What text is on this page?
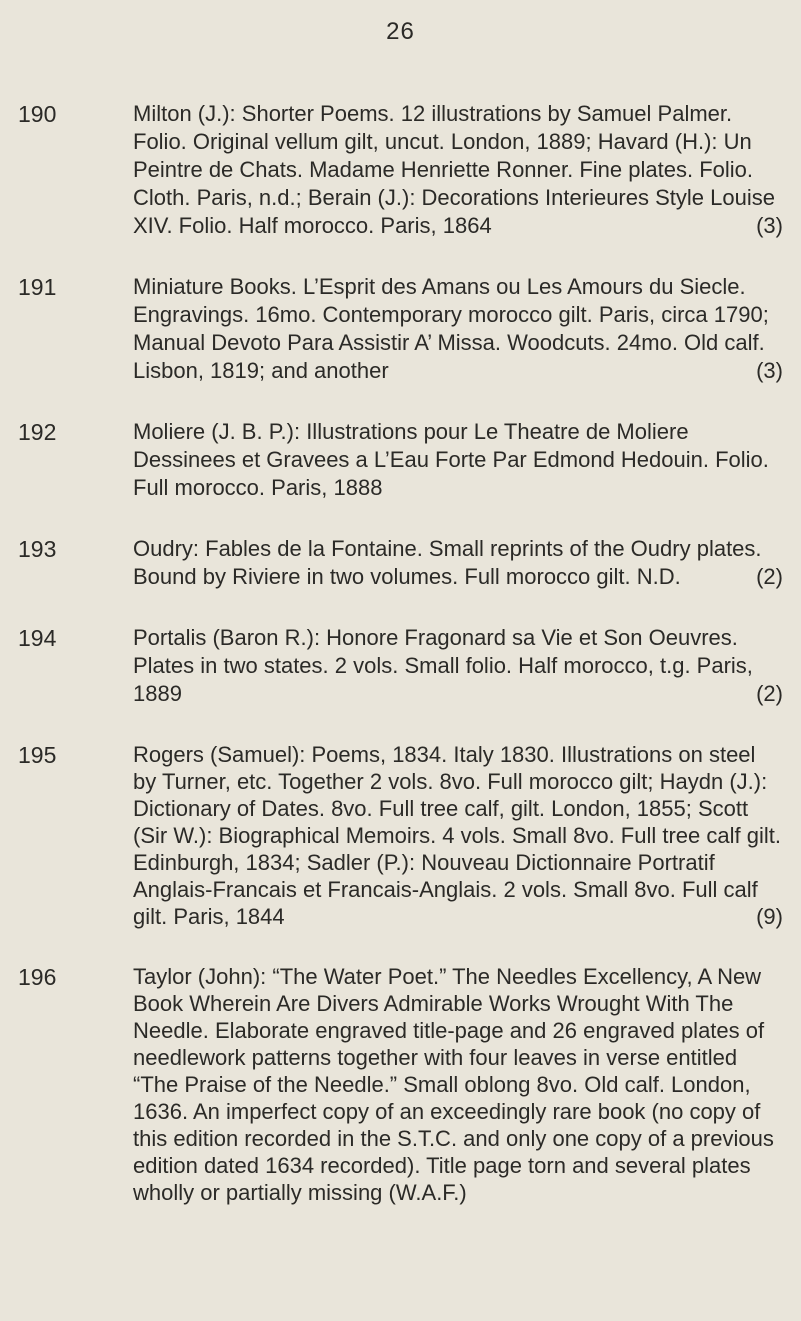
26
190	Milton (J.): Shorter Poems. 12 illustrations by Samuel Palmer. Folio. Original vellum gilt, uncut. London, 1889; Havard (H.): Un Peintre de Chats. Madame Henriette Ronner. Fine plates. Folio. Cloth. Paris, n.d.; Berain (J.): Decorations Interieures Style Louise XIV. Folio. Half morocco. Paris, 1864	(3)
191	Miniature Books. L’Esprit des Amans ou Les Amours du Siecle. Engravings. 16mo. Contemporary morocco gilt. Paris, circa 1790; Manual Devoto Para Assistir A’ Missa. Woodcuts. 24mo. Old calf. Lisbon, 1819; and another	(3)
192	Moliere (J. B. P.): Illustrations pour Le Theatre de Moliere Dessinees et Gravees a L’Eau Forte Par Edmond Hedouin. Folio. Full morocco. Paris, 1888
193	Oudry: Fables de la Fontaine. Small reprints of the Oudry plates. Bound by Riviere in two volumes. Full morocco gilt. N.D.	(2)
194	Portalis (Baron R.): Honore Fragonard sa Vie et Son Oeuvres. Plates in two states. 2 vols. Small folio. Half morocco, t.g. Paris, 1889	(2)
195	Rogers (Samuel): Poems, 1834. Italy 1830. Illustrations on steel by Turner, etc. Together 2 vols. 8vo. Full morocco gilt; Haydn (J.): Dictionary of Dates. 8vo. Full tree calf, gilt. London, 1855; Scott (Sir W.): Biographical Memoirs. 4 vols. Small 8vo. Full tree calf gilt. Edinburgh, 1834; Sadler (P.): Nouveau Dictionnaire Portratif Anglais-Francais et Francais-Anglais. 2 vols. Small 8vo. Full calf gilt. Paris, 1844	(9)
196	Taylor (John): “The Water Poet.” The Needles Excellency, A New Book Wherein Are Divers Admirable Works Wrought With The Needle. Elaborate engraved title-page and 26 engraved plates of needlework patterns together with four leaves in verse entitled “The Praise of the Needle.” Small oblong 8vo. Old calf. London, 1636. An imperfect copy of an exceedingly rare book (no copy of this edition recorded in the S.T.C. and only one copy of a previous edition dated 1634 recorded). Title page torn and several plates wholly or partially missing (W.A.F.)
